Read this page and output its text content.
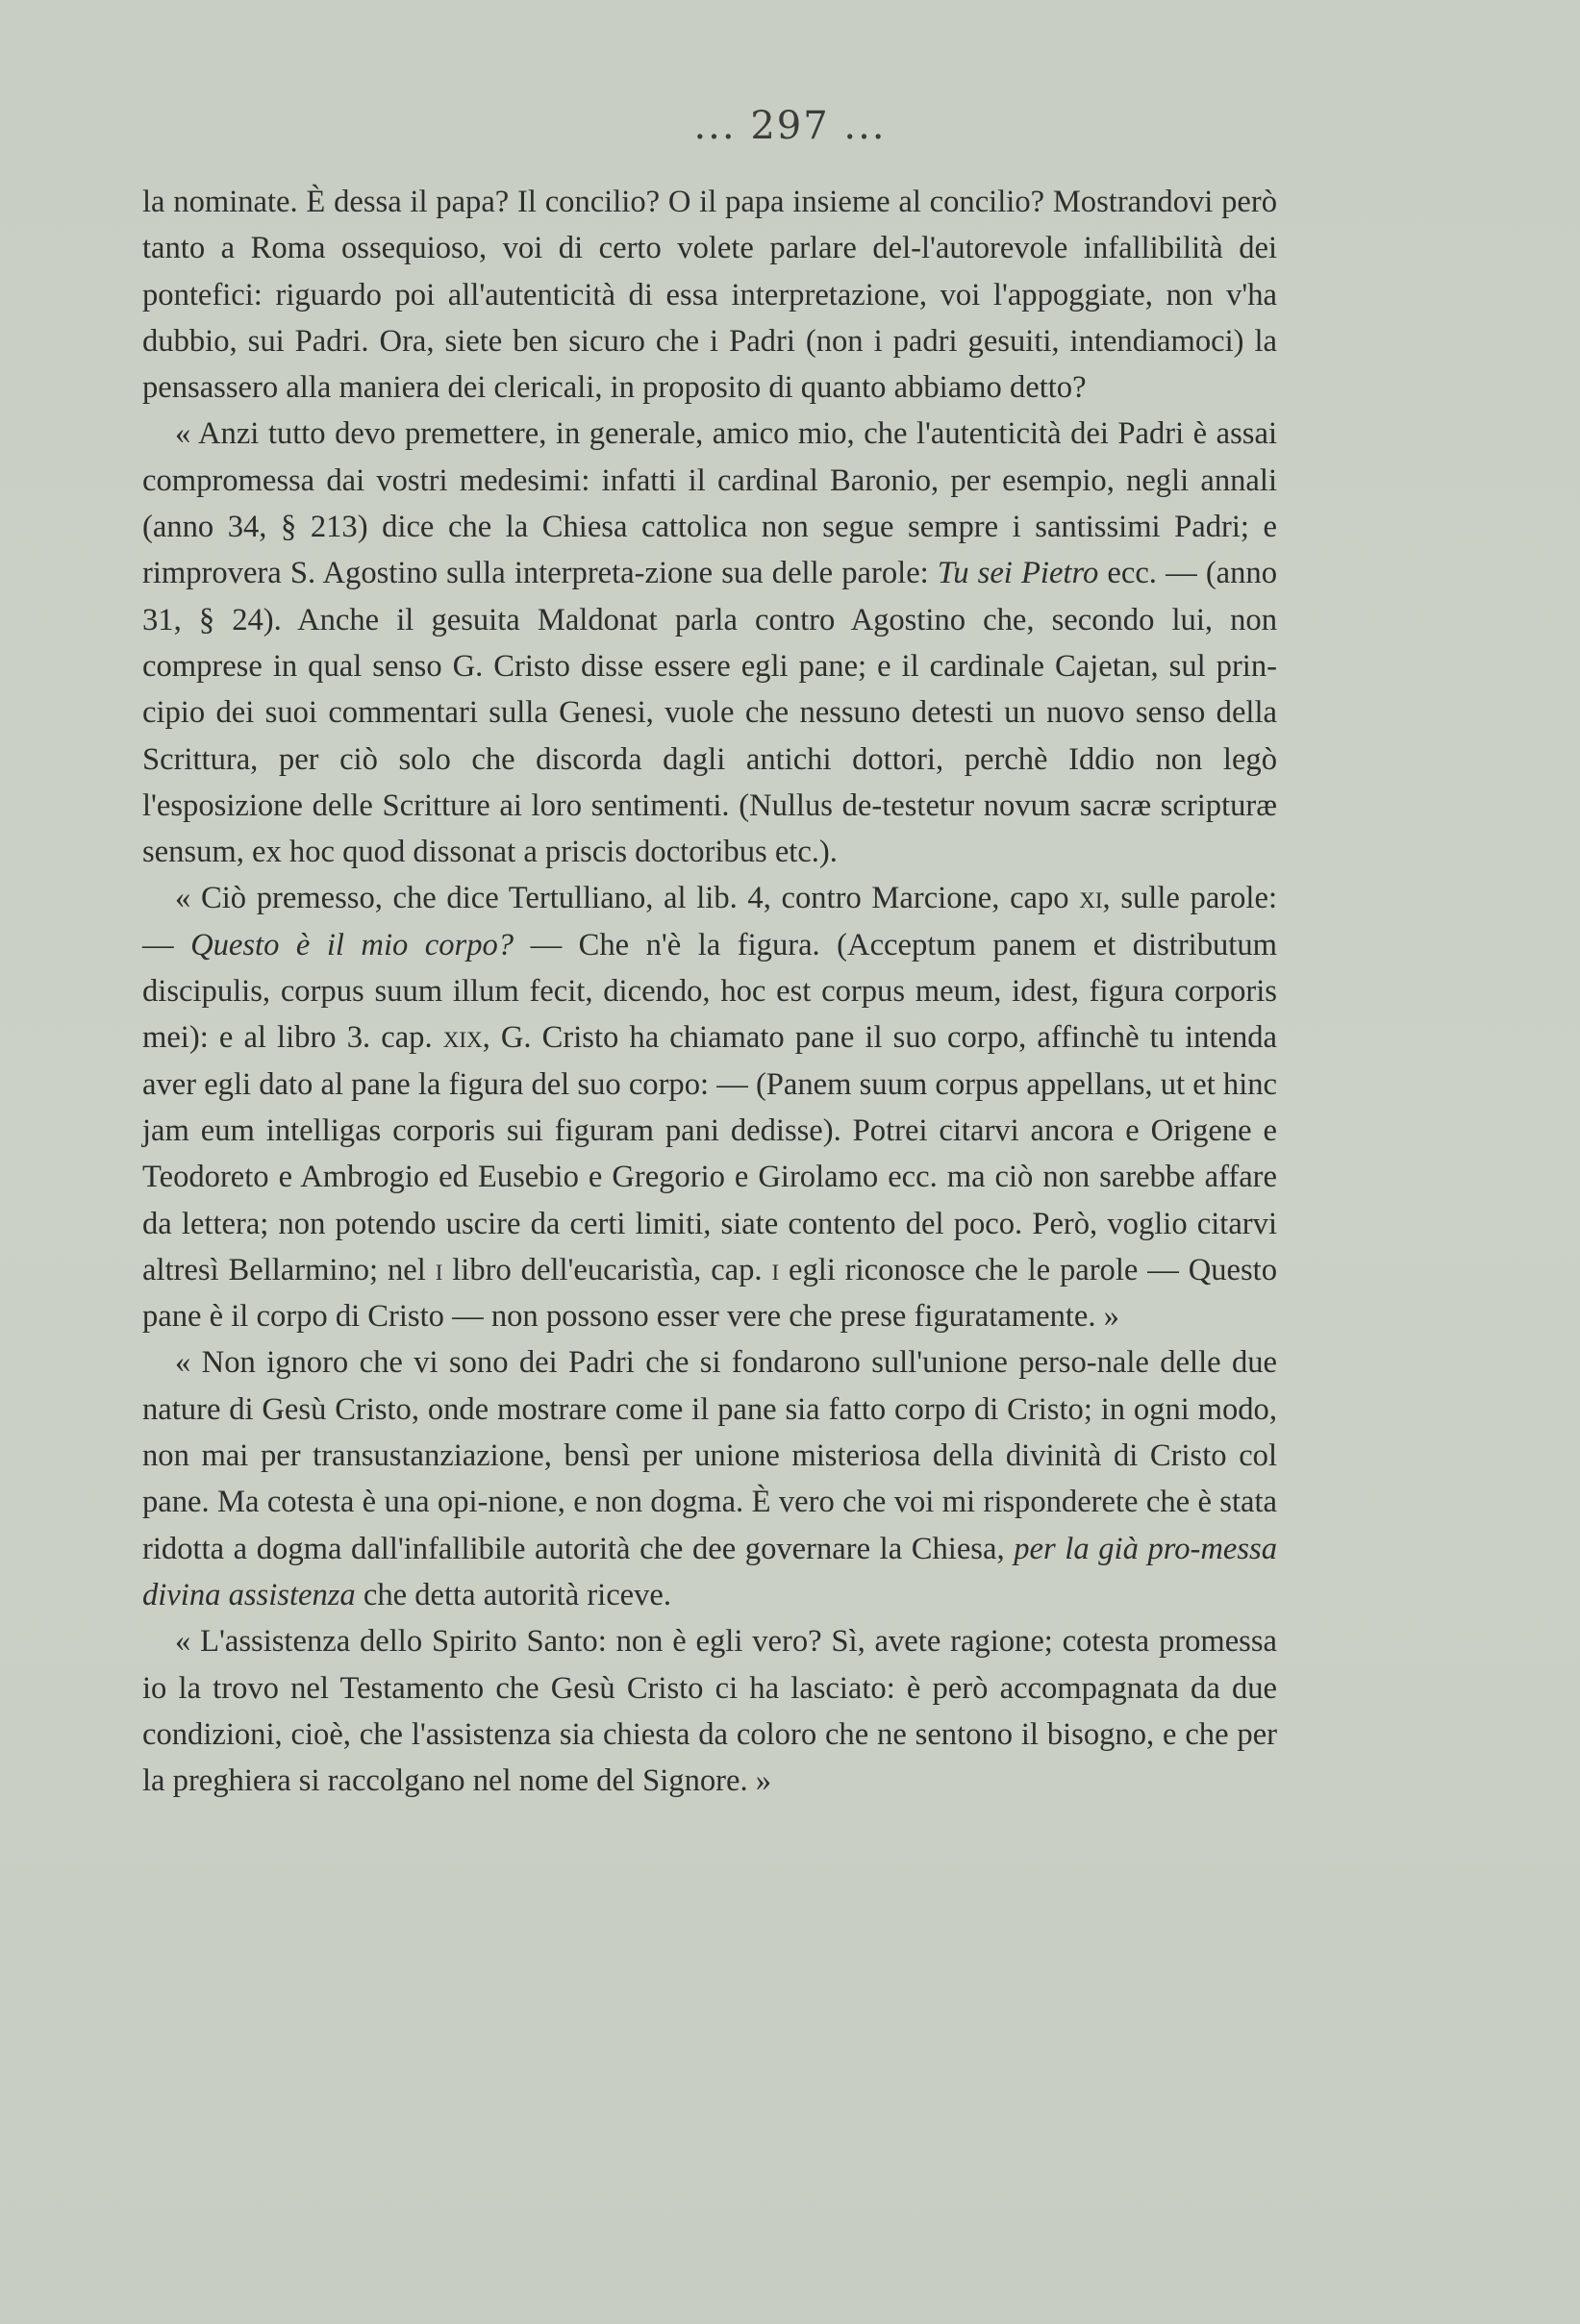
... 297 ...

la nominate. È dessa il papa? Il concilio? O il papa insieme al concilio? Mostrandovi però tanto a Roma ossequioso, voi di certo volete parlare del-l'autorevole infallibilità dei pontefici: riguardo poi all'autenticità di essa interpretazione, voi l'appoggiate, non v'ha dubbio, sui Padri. Ora, siete ben sicuro che i Padri (non i padri gesuiti, intendiamoci) la pensassero alla maniera dei clericali, in proposito di quanto abbiamo detto?

« Anzi tutto devo premettere, in generale, amico mio, che l'autenticità dei Padri è assai compromessa dai vostri medesimi: infatti il cardinal Baronio, per esempio, negli annali (anno 34, § 213) dice che la Chiesa cattolica non segue sempre i santissimi Padri; e rimprovera S. Agostino sulla interpreta-zione sua delle parole: Tu sei Pietro ecc. — (anno 31, § 24). Anche il gesuita Maldonat parla contro Agostino che, secondo lui, non comprese in qual senso G. Cristo disse essere egli pane; e il cardinale Cajetan, sul prin-cipio dei suoi commentari sulla Genesi, vuole che nessuno detesti un nuovo senso della Scrittura, per ciò solo che discorda dagli antichi dottori, perchè Iddio non legò l'esposizione delle Scritture ai loro sentimenti. (Nullus de-testetur novum sacræ scripturæ sensum, ex hoc quod dissonat a priscis doctoribus etc.).

« Ciò premesso, che dice Tertulliano, al lib. 4, contro Marcione, capo xi, sulle parole: — Questo è il mio corpo? — Che n'è la figura. (Acceptum panem et distributum discipulis, corpus suum illum fecit, dicendo, hoc est corpus meum, idest, figura corporis mei): e al libro 3. cap. xix, G. Cristo ha chiamato pane il suo corpo, affinchè tu intenda aver egli dato al pane la figura del suo corpo: — (Panem suum corpus appellans, ut et hinc jam eum intelligas corporis sui figuram pani dedisse). Potrei citarvi ancora e Origene e Teodoreto e Ambrogio ed Eusebio e Gregorio e Girolamo ecc. ma ciò non sarebbe affare da lettera; non potendo uscire da certi limiti, siate contento del poco. Però, voglio citarvi altresì Bellarmino; nel i libro dell'eucaristìa, cap. i egli riconosce che le parole — Questo pane è il corpo di Cristo — non possono esser vere che prese figuratamente. »

« Non ignoro che vi sono dei Padri che si fondarono sull'unione perso-nale delle due nature di Gesù Cristo, onde mostrare come il pane sia fatto corpo di Cristo; in ogni modo, non mai per transustanziazione, bensì per unione misteriosa della divinità di Cristo col pane. Ma cotesta è una opi-nione, e non dogma. È vero che voi mi risponderete che è stata ridotta a dogma dall'infallibile autorità che dee governare la Chiesa, per la già pro-messa divina assistenza che detta autorità riceve.

« L'assistenza dello Spirito Santo: non è egli vero? Sì, avete ragione; cotesta promessa io la trovo nel Testamento che Gesù Cristo ci ha lasciato: è però accompagnata da due condizioni, cioè, che l'assistenza sia chiesta da coloro che ne sentono il bisogno, e che per la preghiera si raccolgano nel nome del Signore. »
